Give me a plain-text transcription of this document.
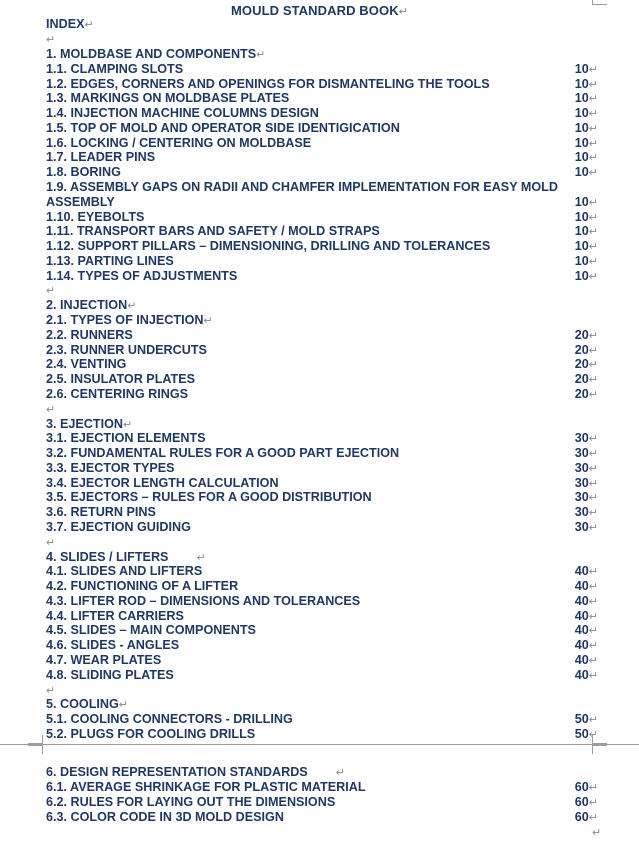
MOULD STANDARD BOOK↵
INDEX↵
↵
1. MOLDBASE AND COMPONENTS↵
1.1. CLAMPING SLOTS	10↵
1.2. EDGES, CORNERS AND OPENINGS FOR DISMANTELING THE TOOLS	10↵
1.3. MARKINGS ON MOLDBASE PLATES	10↵
1.4. INJECTION MACHINE COLUMNS DESIGN	10↵
1.5. TOP OF MOLD AND OPERATOR SIDE IDENTIGICATION	10↵
1.6. LOCKING / CENTERING ON MOLDBASE	10↵
1.7. LEADER PINS	10↵
1.8. BORING	10↵
1.9. ASSEMBLY GAPS ON RADII AND CHAMFER IMPLEMENTATION FOR EASY MOLD
ASSEMBLY	10↵
1.10. EYEBOLTS	10↵
1.11. TRANSPORT BARS AND SAFETY / MOLD STRAPS	10↵
1.12. SUPPORT PILLARS – DIMENSIONING, DRILLING AND TOLERANCES	10↵
1.13. PARTING LINES	10↵
1.14. TYPES OF ADJUSTMENTS	10↵
↵
2. INJECTION↵
2.1. TYPES OF INJECTION↵
2.2. RUNNERS	20↵
2.3. RUNNER UNDERCUTS	20↵
2.4. VENTING	20↵
2.5. INSULATOR PLATES	20↵
2.6. CENTERING RINGS	20↵
↵
3. EJECTION↵
3.1. EJECTION ELEMENTS	30↵
3.2. FUNDAMENTAL RULES FOR A GOOD PART EJECTION	30↵
3.3. EJECTOR TYPES	30↵
3.4. EJECTOR LENGTH CALCULATION	30↵
3.5. EJECTORS – RULES FOR A GOOD DISTRIBUTION	30↵
3.6. RETURN PINS	30↵
3.7. EJECTION GUIDING	30↵
↵
4. SLIDES / LIFTERS	↵
4.1. SLIDES AND LIFTERS	40↵
4.2. FUNCTIONING OF A LIFTER	40↵
4.3. LIFTER ROD – DIMENSIONS AND TOLERANCES	40↵
4.4. LIFTER CARRIERS	40↵
4.5. SLIDES – MAIN COMPONENTS	40↵
4.6. SLIDES - ANGLES	40↵
4.7. WEAR PLATES	40↵
4.8. SLIDING PLATES	40↵
↵
5. COOLING↵
5.1. COOLING CONNECTORS - DRILLING	50↵
5.2. PLUGS FOR COOLING DRILLS	50↵
6. DESIGN REPRESENTATION STANDARDS	↵
6.1. AVERAGE SHRINKAGE FOR PLASTIC MATERIAL	60↵
6.2. RULES FOR LAYING OUT THE DIMENSIONS	60↵
6.3. COLOR CODE IN 3D MOLD DESIGN	60↵
↵
